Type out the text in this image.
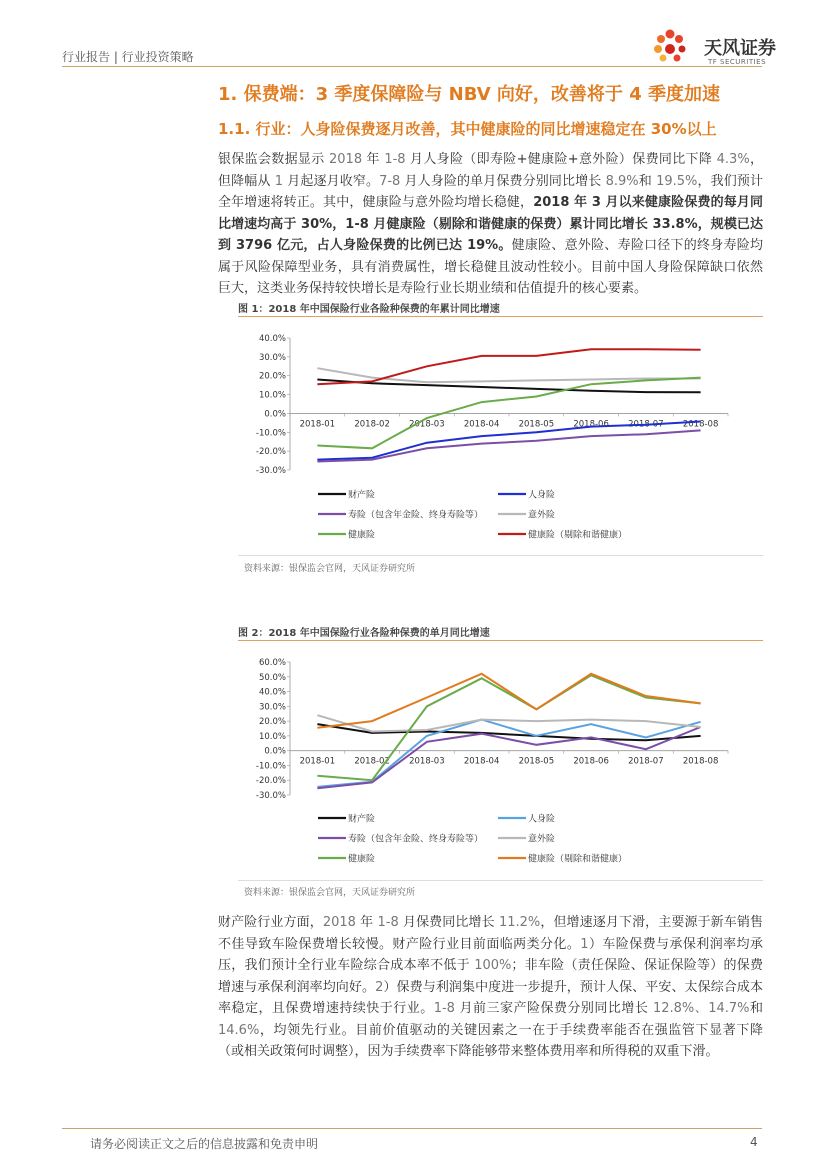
行业报告 | 行业投资策略	天风证券
TF SECURITIES
1. 保费端：3 季度保障险与 NBV 向好，改善将于 4 季度加速
1.1. 行业：人身险保费逐月改善，其中健康险的同比增速稳定在 30%以上

银保监会数据显示 2018 年 1-8 月人身险（即寿险+健康险+意外险）保费同比下降 4.3%，但降幅从 1 月起逐月收窄。7-8 月人身险的单月保费分别同比增长 8.9%和 19.5%，我们预计全年增速将转正。其中，健康险与意外险均增长稳健，2018 年 3 月以来健康险保费的每月同比增速均高于 30%，1-8 月健康险（剔除和谐健康的保费）累计同比增长 33.8%，规模已达到 3796 亿元，占人身险保费的比例已达 19%。健康险、意外险、寿险口径下的终身寿险均属于风险保障型业务，具有消费属性，增长稳健且波动性较小。目前中国人身险保障缺口依然巨大，这类业务保持较快增长是寿险行业长期业绩和估值提升的核心要素。

图 1：2018 年中国保险行业各险种保费的年累计同比增速
-30.0%
-20.0%
-10.0%
0.0%
10.0%
20.0%
30.0%
40.0%
2018-01 2018-02 2018-03 2018-04 2018-05 2018-06 2018-07 2018-08
财产险	人身险
寿险（包含年金险、终身寿险等）	意外险
健康险	健康险（剔除和谐健康）
资料来源：银保监会官网，天风证券研究所
图 2：2018 年中国保险行业各险种保费的单月同比增速
-30.0%
-20.0%
-10.0%
0.0%
10.0%
20.0%
30.0%
40.0%
50.0%
60.0%
2018-01 2018-02 2018-03 2018-04 2018-05 2018-06 2018-07 2018-08
财产险	人身险
寿险（包含年金险、终身寿险等）	意外险
健康险	健康险（剔除和谐健康）
资料来源：银保监会官网，天风证券研究所

财产险行业方面，2018 年 1-8 月保费同比增长 11.2%，但增速逐月下滑，主要源于新车销售不佳导致车险保费增长较慢。财产险行业目前面临两类分化。1）车险保费与承保利润率均承压，我们预计全行业车险综合成本率不低于 100%；非车险（责任保险、保证保险等）的保费增速与承保利润率均向好。2）保费与利润集中度进一步提升，预计人保、平安、太保综合成本率稳定，且保费增速持续快于行业。1-8 月前三家产险保费分别同比增长 12.8%、14.7%和 14.6%，均领先行业。目前价值驱动的关键因素之一在于手续费率能否在强监管下显著下降（或相关政策何时调整），因为手续费率下降能够带来整体费用率和所得税的双重下滑。

请务必阅读正文之后的信息披露和免责申明	4
